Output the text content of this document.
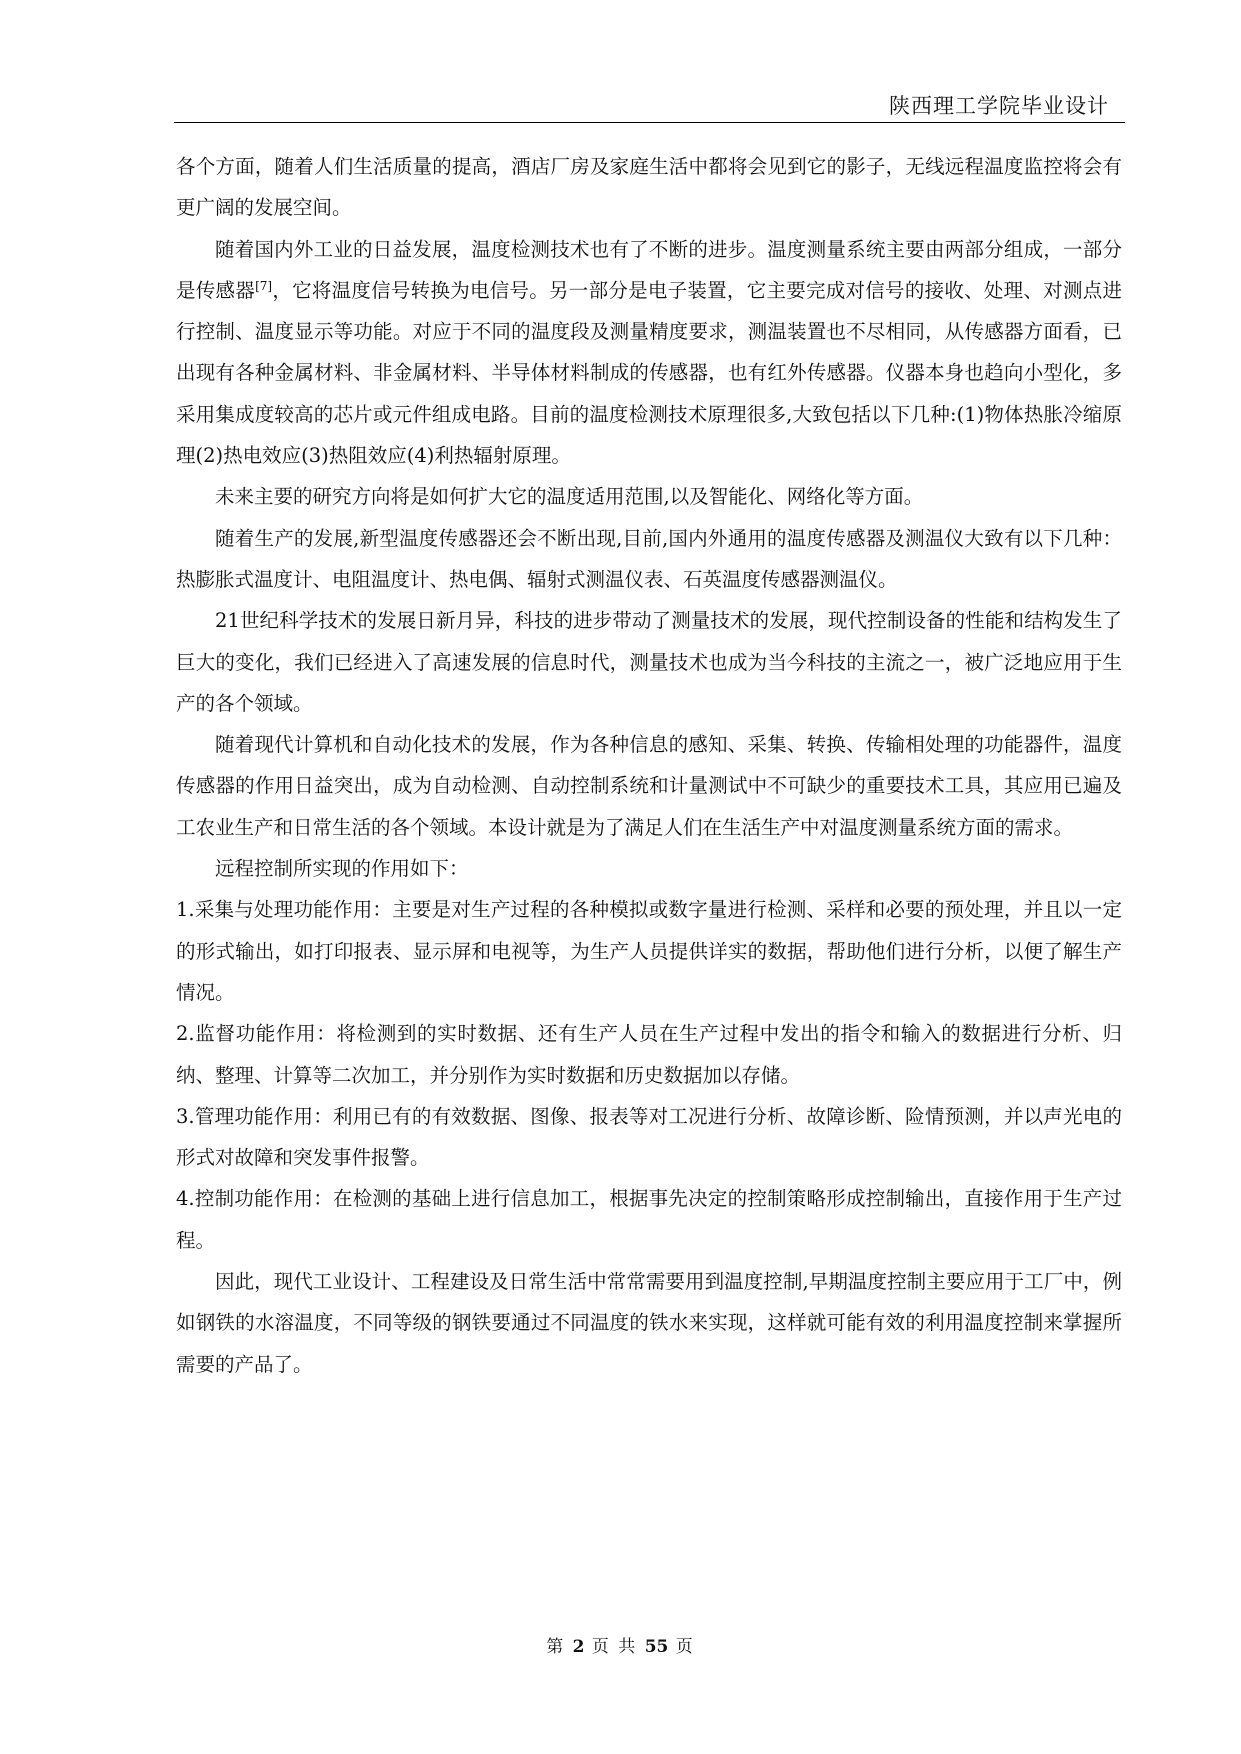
陕西理工学院毕业设计

各个方面，随着人们生活质量的提高，酒店厂房及家庭生活中都将会见到它的影子，无线远程温度监控将会有更广阔的发展空间。

随着国内外工业的日益发展，温度检测技术也有了不断的进步。温度测量系统主要由两部分组成，一部分是传感器[7]，它将温度信号转换为电信号。另一部分是电子装置，它主要完成对信号的接收、处理、对测点进行控制、温度显示等功能。对应于不同的温度段及测量精度要求，测温装置也不尽相同，从传感器方面看，已出现有各种金属材料、非金属材料、半导体材料制成的传感器，也有红外传感器。仪器本身也趋向小型化，多采用集成度较高的芯片或元件组成电路。目前的温度检测技术原理很多,大致包括以下几种:(1)物体热胀冷缩原理(2)热电效应(3)热阻效应(4)利热辐射原理。

未来主要的研究方向将是如何扩大它的温度适用范围,以及智能化、网络化等方面。

随着生产的发展,新型温度传感器还会不断出现,目前,国内外通用的温度传感器及测温仪大致有以下几种： 热膨胀式温度计、电阻温度计、热电偶、辐射式测温仪表、石英温度传感器测温仪。

21世纪科学技术的发展日新月异，科技的进步带动了测量技术的发展，现代控制设备的性能和结构发生了巨大的变化，我们已经进入了高速发展的信息时代，测量技术也成为当今科技的主流之一，被广泛地应用于生产的各个领域。

随着现代计算机和自动化技术的发展，作为各种信息的感知、采集、转换、传输相处理的功能器件，温度传感器的作用日益突出，成为自动检测、自动控制系统和计量测试中不可缺少的重要技术工具，其应用已遍及工农业生产和日常生活的各个领域。本设计就是为了满足人们在生活生产中对温度测量系统方面的需求。

远程控制所实现的作用如下：

1.采集与处理功能作用：主要是对生产过程的各种模拟或数字量进行检测、采样和必要的预处理，并且以一定的形式输出，如打印报表、显示屏和电视等，为生产人员提供详实的数据，帮助他们进行分析，以便了解生产情况。

2.监督功能作用：将检测到的实时数据、还有生产人员在生产过程中发出的指令和输入的数据进行分析、归纳、整理、计算等二次加工，并分别作为实时数据和历史数据加以存储。

3.管理功能作用：利用已有的有效数据、图像、报表等对工况进行分析、故障诊断、险情预测，并以声光电的形式对故障和突发事件报警。

4.控制功能作用：在检测的基础上进行信息加工，根据事先决定的控制策略形成控制输出，直接作用于生产过程。

因此，现代工业设计、工程建设及日常生活中常常需要用到温度控制,早期温度控制主要应用于工厂中，例如钢铁的水溶温度，不同等级的钢铁要通过不同温度的铁水来实现，这样就可能有效的利用温度控制来掌握所需要的产品了。

第 2 页 共 55 页
